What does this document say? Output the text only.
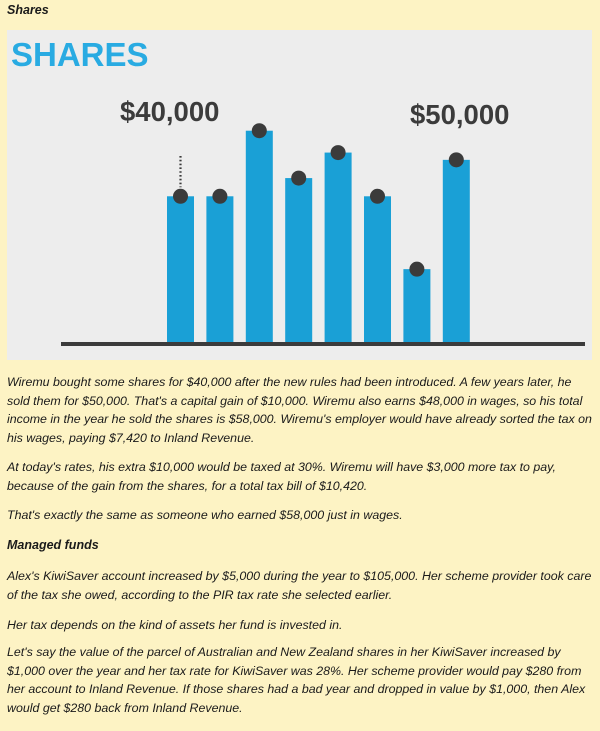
Shares
SHARES
$40,000	$50,000

Wiremu bought some shares for $40,000 after the new rules had been introduced. A few years later, he sold them for $50,000. That's a capital gain of $10,000. Wiremu also earns $48,000 in wages, so his total income in the year he sold the shares is $58,000. Wiremu's employer would have already sorted the tax on his wages, paying $7,420 to Inland Revenue.

At today's rates, his extra $10,000 would be taxed at 30%. Wiremu will have $3,000 more tax to pay, because of the gain from the shares, for a total tax bill of $10,420.

That's exactly the same as someone who earned $58,000 just in wages.

Managed funds

Alex's KiwiSaver account increased by $5,000 during the year to $105,000. Her scheme provider took care of the tax she owed, according to the PIR tax rate she selected earlier.

Her tax depends on the kind of assets her fund is invested in.

Let's say the value of the parcel of Australian and New Zealand shares in her KiwiSaver increased by $1,000 over the year and her tax rate for KiwiSaver was 28%. Her scheme provider would pay $280 from her account to Inland Revenue. If those shares had a bad year and dropped in value by $1,000, then Alex would get $280 back from Inland Revenue.
